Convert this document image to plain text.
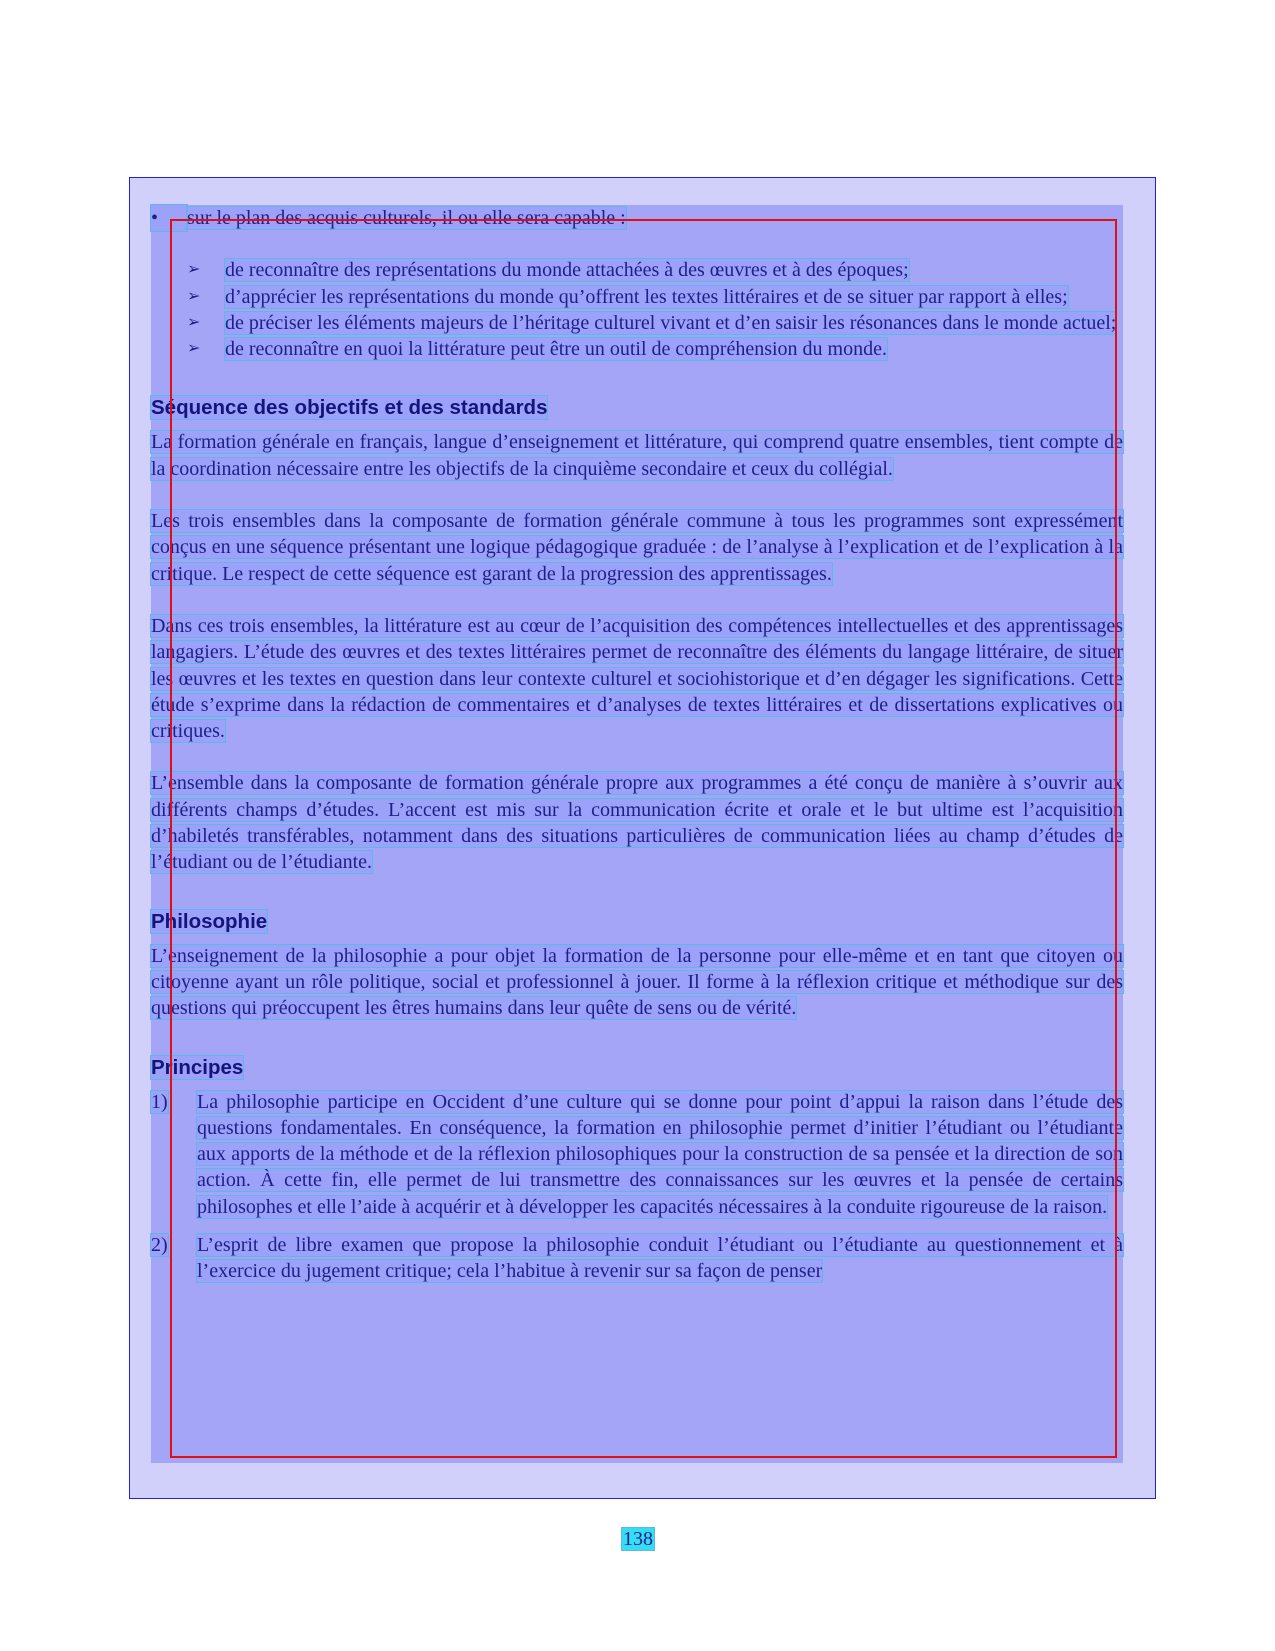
•	sur le plan des acquis culturels, il ou elle sera capable :
➢	de reconnaître des représentations du monde attachées à des œuvres et à des époques;
➢	d’apprécier les représentations du monde qu’offrent les textes littéraires et de se situer par rapport à elles;
➢	de préciser les éléments majeurs de l’héritage culturel vivant et d’en saisir les résonances dans le monde actuel;
➢	de reconnaître en quoi la littérature peut être un outil de compréhension du monde.

Séquence des objectifs et des standards

La formation générale en français, langue d’enseignement et littérature, qui comprend quatre ensembles, tient compte de la coordination nécessaire entre les objectifs de la cinquième secondaire et ceux du collégial.

Les trois ensembles dans la composante de formation générale commune à tous les programmes sont expressément conçus en une séquence présentant une logique pédagogique graduée : de l’analyse à l’explication et de l’explication à la critique. Le respect de cette séquence est garant de la progression des apprentissages.

Dans ces trois ensembles, la littérature est au cœur de l’acquisition des compétences intellectuelles et des apprentissages langagiers. L’étude des œuvres et des textes littéraires permet de reconnaître des éléments du langage littéraire, de situer les œuvres et les textes en question dans leur contexte culturel et sociohistorique et d’en dégager les significations. Cette étude s’exprime dans la rédaction de commentaires et d’analyses de textes littéraires et de dissertations explicatives ou critiques.

L’ensemble dans la composante de formation générale propre aux programmes a été conçu de manière à s’ouvrir aux différents champs d’études. L’accent est mis sur la communication écrite et orale et le but ultime est l’acquisition d’habiletés transférables, notamment dans des situations particulières de communication liées au champ d’études de l’étudiant ou de l’étudiante.

Philosophie

L’enseignement de la philosophie a pour objet la formation de la personne pour elle-même et en tant que citoyen ou citoyenne ayant un rôle politique, social et professionnel à jouer. Il forme à la réflexion critique et méthodique sur des questions qui préoccupent les êtres humains dans leur quête de sens ou de vérité.

Principes

1)	La philosophie participe en Occident d’une culture qui se donne pour point d’appui la raison dans l’étude des questions fondamentales. En conséquence, la formation en philosophie permet d’initier l’étudiant ou l’étudiante aux apports de la méthode et de la réflexion philosophiques pour la construction de sa pensée et la direction de son action. À cette fin, elle permet de lui transmettre des connaissances sur les œuvres et la pensée de certains philosophes et elle l’aide à acquérir et à développer les capacités nécessaires à la conduite rigoureuse de la raison.
2)	L’esprit de libre examen que propose la philosophie conduit l’étudiant ou l’étudiante au questionnement et à l’exercice du jugement critique; cela l’habitue à revenir sur sa façon de penser
138
